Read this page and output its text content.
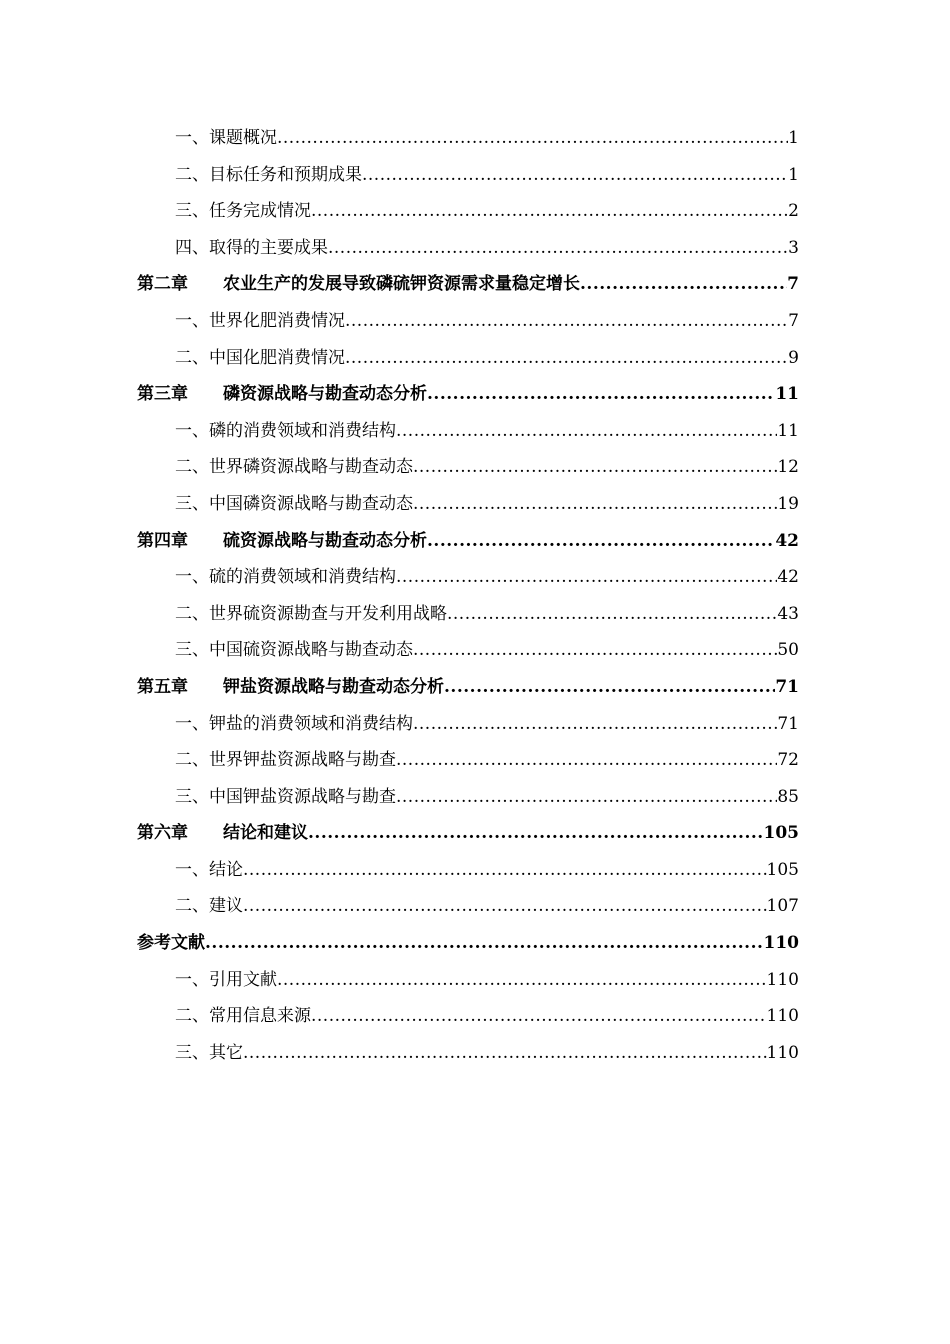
一、课题概况 .....	1
二、目标任务和预期成果 .....	1
三、任务完成情况 .....	2
四、取得的主要成果 .....	3
第二章 农业生产的发展导致磷硫钾资源需求量稳定增长 .....	7
一、世界化肥消费情况 .....	7
二、中国化肥消费情况 .....	9
第三章 磷资源战略与勘查动态分析 .....	11
一、磷的消费领域和消费结构 .....	11
二、世界磷资源战略与勘查动态 .....	12
三、中国磷资源战略与勘查动态 .....	19
第四章 硫资源战略与勘查动态分析 .....	42
一、硫的消费领域和消费结构 .....	42
二、世界硫资源勘查与开发利用战略 .....	43
三、中国硫资源战略与勘查动态 .....	50
第五章 钾盐资源战略与勘查动态分析 .....	71
一、钾盐的消费领域和消费结构 .....	71
二、世界钾盐资源战略与勘查 .....	72
三、中国钾盐资源战略与勘查 .....	85
第六章 结论和建议 .....	105
一、结论 .....	105
二、建议 .....	107
参考文献 .....	110
一、引用文献 .....	110
二、常用信息来源 .....	110
三、其它 .....	110
